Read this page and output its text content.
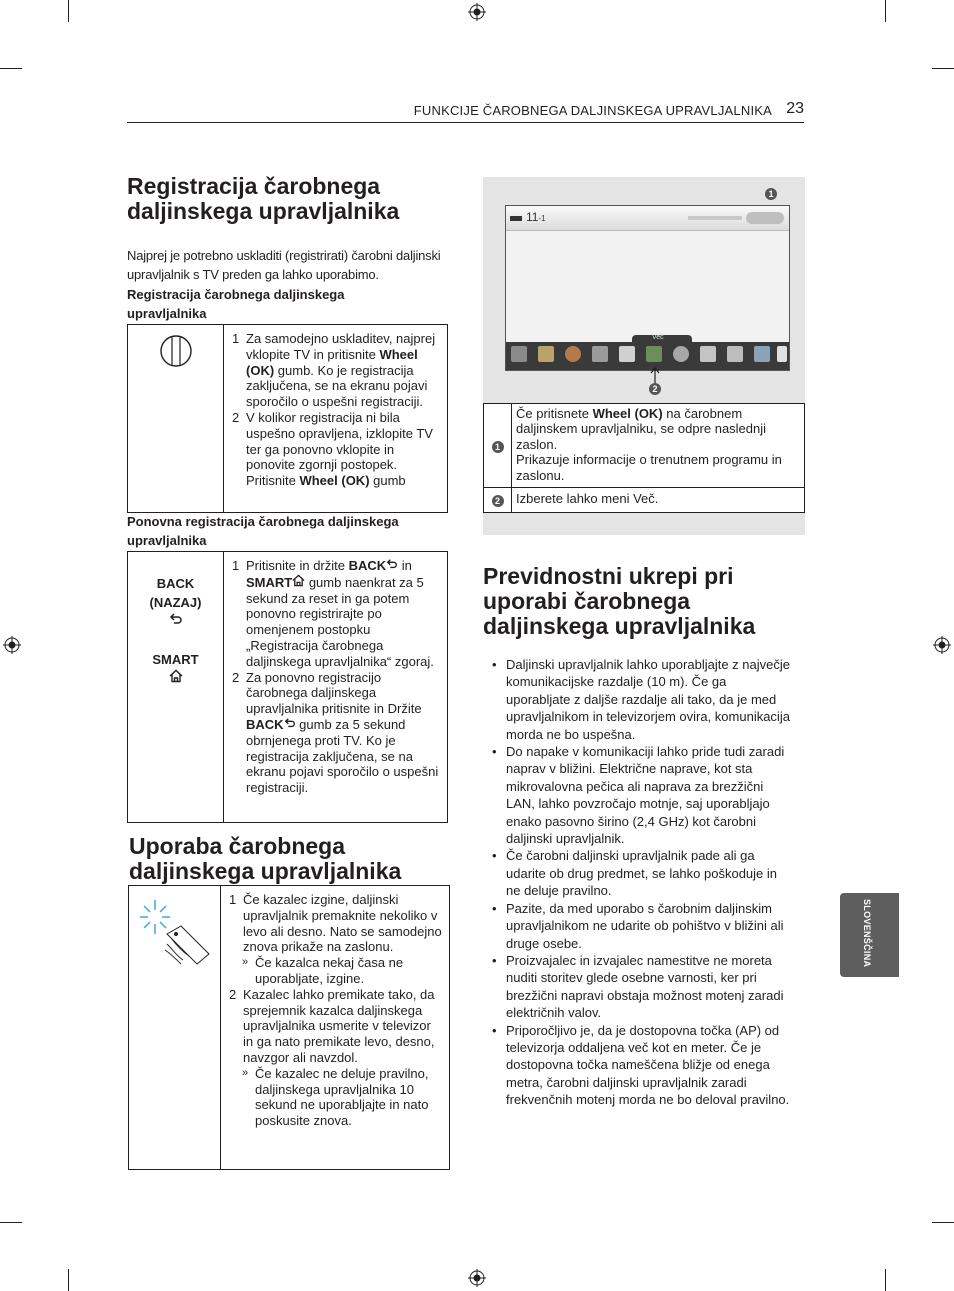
FUNKCIJE ČAROBNEGA DALJINSKEGA UPRAVLJALNIKA 23
Registracija čarobnega daljinskega upravljalnika
Najprej je potrebno uskladiti (registrirati) čarobni daljinski upravljalnik s TV preden ga lahko uporabimo.
Registracija čarobnega daljinskega upravljalnika

1 Za samodejno uskladitev, najprej vklopite TV in pritisnite Wheel (OK) gumb. Ko je registracija zaključena, se na ekranu pojavi sporočilo o uspešni registraciji.
2 V kolikor registracija ni bila uspešno opravljena, izklopite TV ter ga ponovno vklopite in ponovite zgornji postopek. Pritisnite Wheel (OK) gumb
Ponovna registracija čarobnega daljinskega upravljalnika
BACK
(NAZAJ)
SMART

1 Pritisnite in držite BACK in SMART gumb naenkrat za 5 sekund za reset in ga potem ponovno registrirajte po omenjenem postopku „Registracija čarobnega daljinskega upravljalnika“ zgoraj.
2 Za ponovno registracijo čarobnega daljinskega upravljalnika pritisnite in Držite BACK gumb za 5 sekund obrnjenega proti TV. Ko je registracija zaključena, se na ekranu pojavi sporočilo o uspešni registraciji.
Uporaba čarobnega daljinskega upravljalnika

1 Če kazalec izgine, daljinski upravljalnik premaknite nekoliko v levo ali desno. Nato se samodejno znova prikaže na zaslonu.
» Če kazalca nekaj časa ne uporabljate, izgine.
2 Kazalec lahko premikate tako, da sprejemnik kazalca daljinskega upravljalnika usmerite v televizor in ga nato premikate levo, desno, navzgor ali navzdol.
» Če kazalec ne deluje pravilno, daljinskega upravljalnika 10 sekund ne uporabljajte in nato poskusite znova.
1
11-1
Več
2
1	Če pritisnete Wheel (OK) na čarobnem daljinskem upravljalniku, se odpre naslednji zaslon.
Prikazuje informacije o trenutnem programu in zaslonu.

2	Izberete lahko meni Več.
Previdnostni ukrepi pri uporabi čarobnega daljinskega upravljalnika
• Daljinski upravljalnik lahko uporabljajte z največje komunikacijske razdalje (10 m). Če ga uporabljate z daljše razdalje ali tako, da je med upravljalnikom in televizorjem ovira, komunikacija morda ne bo uspešna.
• Do napake v komunikaciji lahko pride tudi zaradi naprav v bližini. Električne naprave, kot sta mikrovalovna pečica ali naprava za brezžični LAN, lahko povzročajo motnje, saj uporabljajo enako pasovno širino (2,4 GHz) kot čarobni daljinski upravljalnik.
• Če čarobni daljinski upravljalnik pade ali ga udarite ob drug predmet, se lahko poškoduje in ne deluje pravilno.
• Pazite, da med uporabo s čarobnim daljinskim upravljalnikom ne udarite ob pohištvo v bližini ali druge osebe.
• Proizvajalec in izvajalec namestitve ne moreta nuditi storitev glede osebne varnosti, ker pri brezžični napravi obstaja možnost motenj zaradi električnih valov.
• Priporočljivo je, da je dostopovna točka (AP) od televizorja oddaljena več kot en meter. Če je dostopovna točka nameščena bližje od enega metra, čarobni daljinski upravljalnik zaradi frekvenčnih motenj morda ne bo deloval pravilno.
SLOVENŠČINA
